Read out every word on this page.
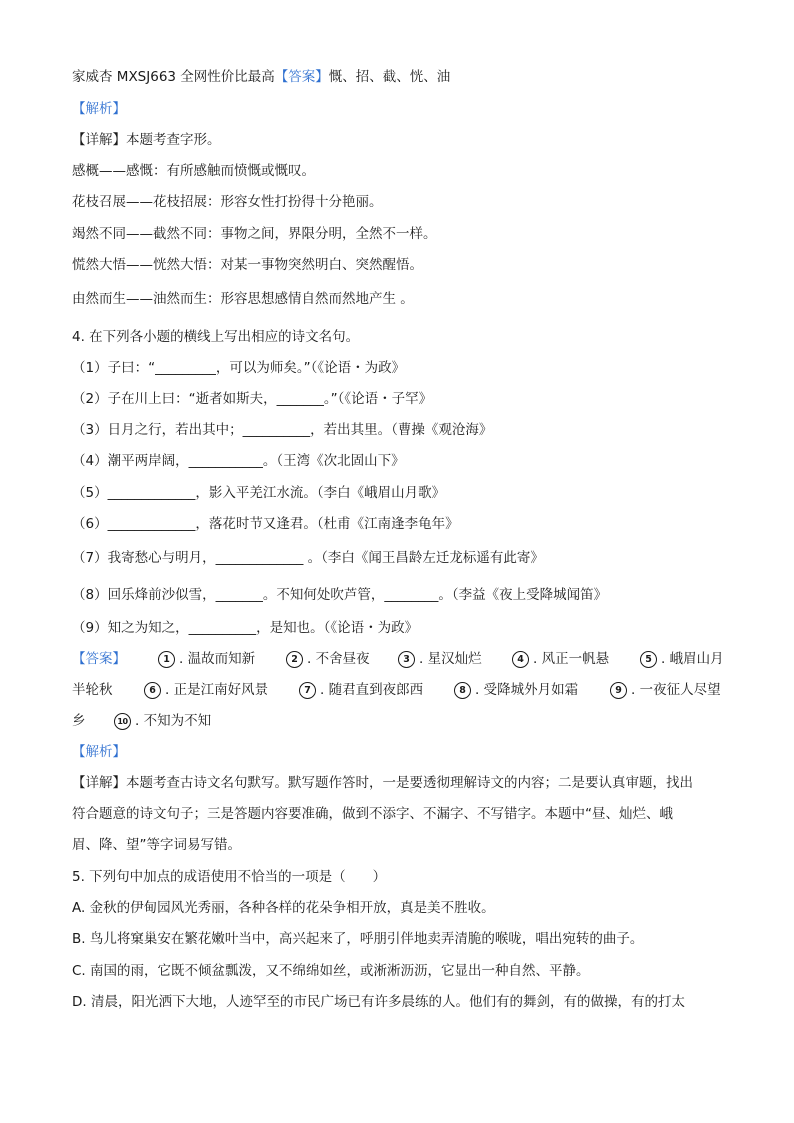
家威杏 MXSJ663 全网性价比最高【答案】慨、招、截、恍、油
【解析】
【详解】本题考查字形。
感概——感慨：有所感触而愤慨或慨叹。
花枝召展——花枝招展：形容女性打扮得十分艳丽。
竭然不同——截然不同：事物之间，界限分明，全然不一样。
慌然大悟——恍然大悟：对某一事物突然明白、突然醒悟。
由然而生——油然而生：形容思想感情自然而然地产生 。
4. 在下列各小题的横线上写出相应的诗文名句。
（1）子曰：“_________，可以为师矣。”（《论语・为政》
（2）子在川上曰：“逝者如斯夫，_______。”（《论语・子罕》
（3）日月之行，若出其中；__________，若出其里。（曹操《观沧海》
（4）潮平两岸阔，___________。（王湾《次北固山下》
（5）_____________，影入平羌江水流。（李白《峨眉山月歌》
（6）_____________，落花时节又逢君。（杜甫《江南逢李龟年》
（7）我寄愁心与明月，_____________ 。（李白《闻王昌龄左迁龙标遥有此寄》
（8）回乐烽前沙似雪，_______。不知何处吹芦管，________。（李益《夜上受降城闻笛》
（9）知之为知之，__________，是知也。（《论语・为政》
【答案】	1 . 温故而知新	2 . 不舍昼夜	3 . 星汉灿烂	4 . 风正一帆悬	5 . 峨眉山月
半轮秋	6 . 正是江南好风景	7 . 随君直到夜郎西	8 . 受降城外月如霜	9 . 一夜征人尽望
乡	10 . 不知为不知
【解析】
【详解】本题考查古诗文名句默写。默写题作答时，一是要透彻理解诗文的内容；二是要认真审题，找出
符合题意的诗文句子；三是答题内容要准确，做到不添字、不漏字、不写错字。本题中“昼、灿烂、峨
眉、降、望”等字词易写错。
5. 下列句中加点的成语使用不恰当的一项是（　　）
A. 金秋的伊甸园风光秀丽，各种各样的花朵争相开放，真是美不胜收。
B. 鸟儿将窠巢安在繁花嫩叶当中，高兴起来了，呼朋引伴地卖弄清脆的喉咙，唱出宛转的曲子。
C. 南国的雨，它既不倾盆瓢泼，又不绵绵如丝，或淅淅沥沥，它显出一种自然、平静。
D. 清晨，阳光洒下大地，人迹罕至的市民广场已有许多晨练的人。他们有的舞剑，有的做操，有的打太
